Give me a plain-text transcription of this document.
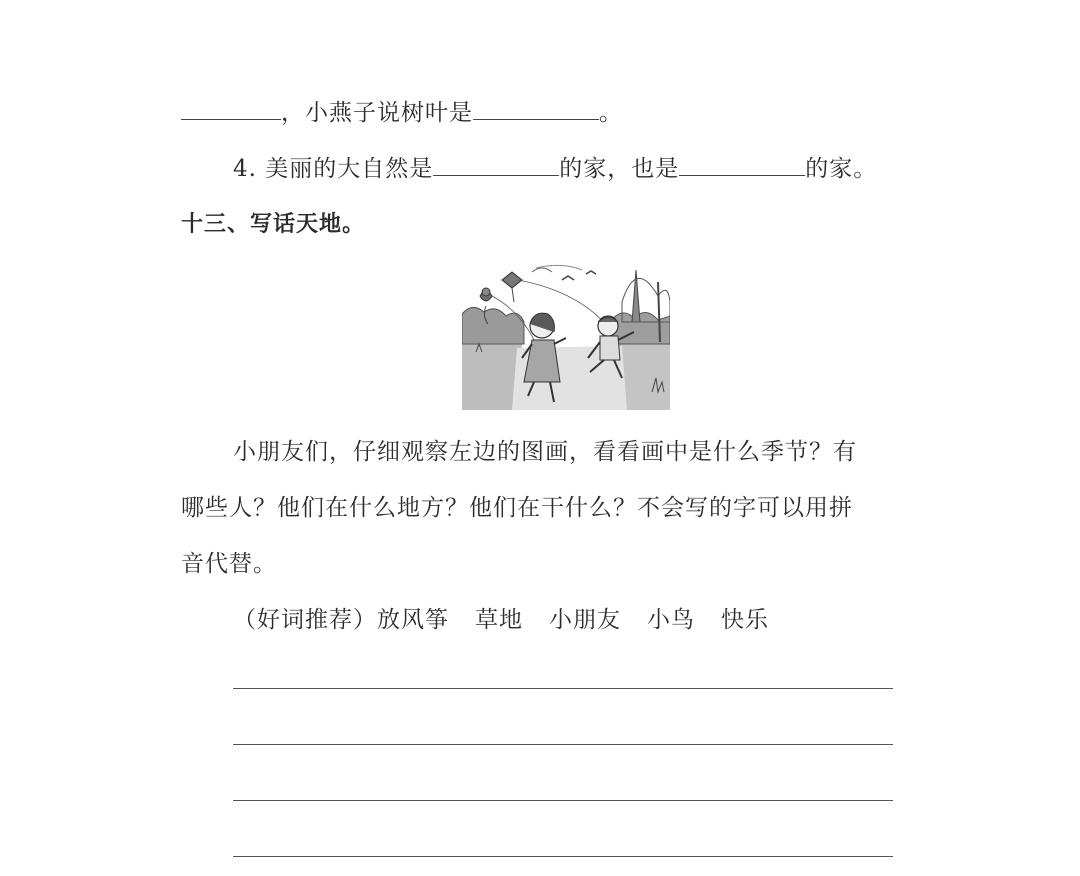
，小燕子说树叶是	。
4. 美丽的大自然是	的家，也是	的家。
十三、写话天地。
小朋友们，仔细观察左边的图画，看看画中是什么季节？有
哪些人？他们在什么地方？他们在干什么？不会写的字可以用拼
音代替。
（好词推荐）放风筝 草地 小朋友 小鸟 快乐
